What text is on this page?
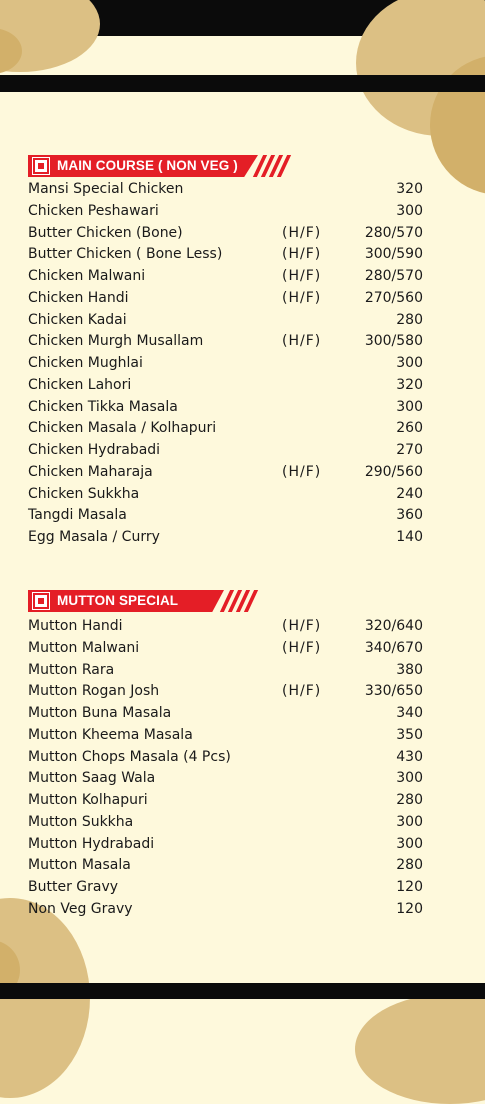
MAIN COURSE ( NON VEG )
Mansi Special Chicken	320
Chicken Peshawari	300
Butter Chicken (Bone)	(H/F)	280/570
Butter Chicken ( Bone Less)	(H/F)	300/590
Chicken Malwani	(H/F)	280/570
Chicken Handi	(H/F)	270/560
Chicken Kadai	280
Chicken Murgh Musallam	(H/F)	300/580
Chicken Mughlai	300
Chicken Lahori	320
Chicken Tikka Masala	300
Chicken Masala / Kolhapuri	260
Chicken Hydrabadi	270
Chicken Maharaja	(H/F)	290/560
Chicken Sukkha	240
Tangdi Masala	360
Egg Masala / Curry	140
MUTTON SPECIAL
Mutton Handi	(H/F)	320/640
Mutton Malwani	(H/F)	340/670
Mutton Rara	380
Mutton Rogan Josh	(H/F)	330/650
Mutton Buna Masala	340
Mutton Kheema Masala	350
Mutton Chops Masala (4 Pcs)	430
Mutton Saag Wala	300
Mutton Kolhapuri	280
Mutton Sukkha	300
Mutton Hydrabadi	300
Mutton Masala	280
Butter Gravy	120
Non Veg Gravy	120
